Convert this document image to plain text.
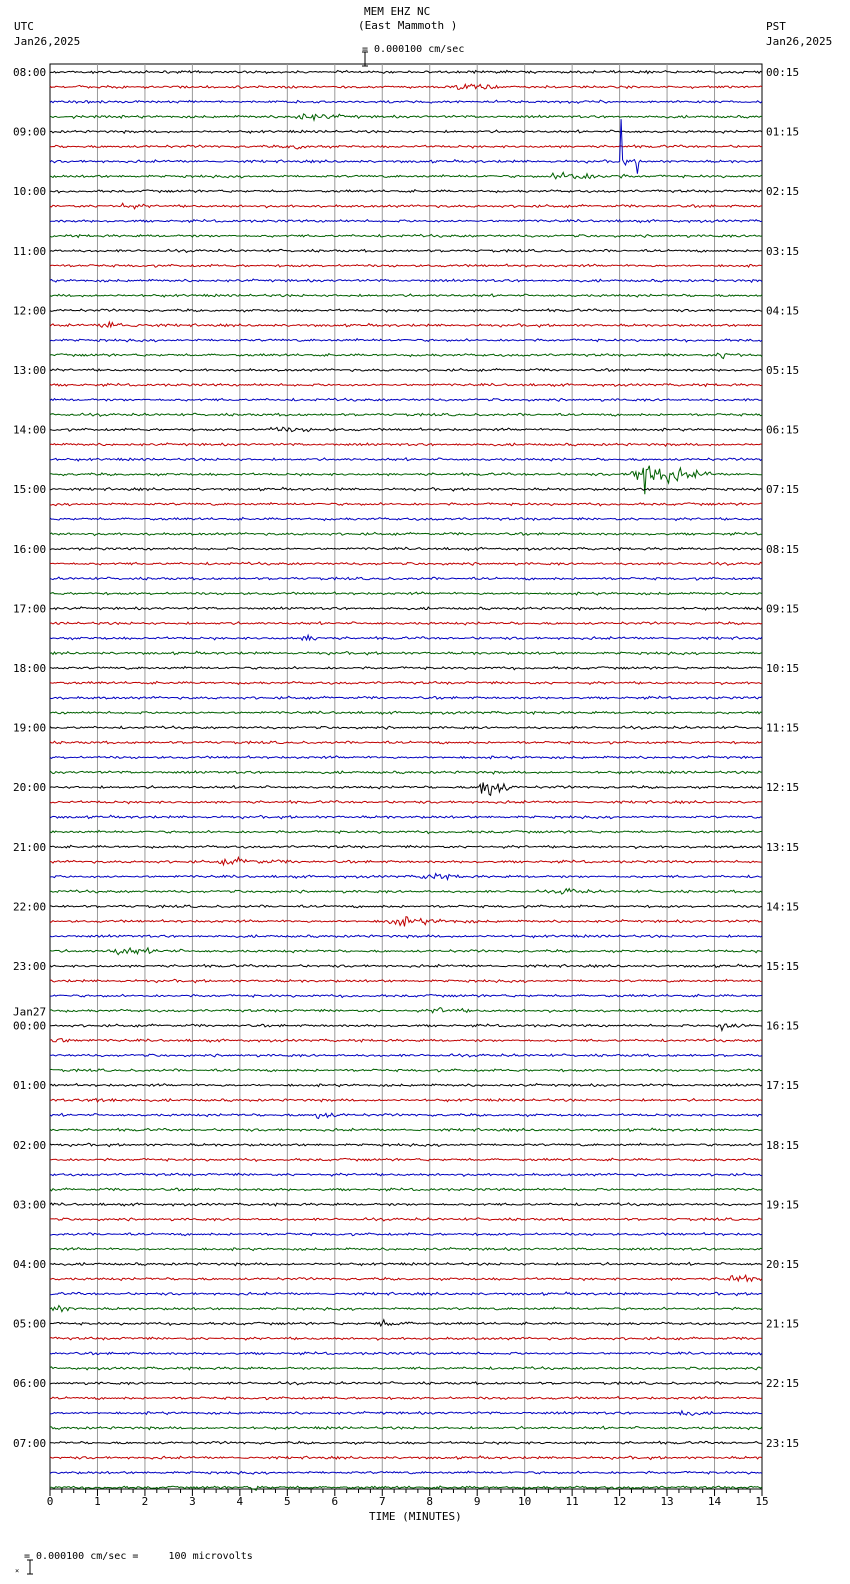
MEM EHZ NC
(East Mammoth )
UTC
Jan26,2025
PST
Jan26,2025

= 0.000100 cm/sec
08:00
09:00
10:00
11:00
12:00
13:00
14:00
15:00
16:00
17:00
18:00
19:00
20:00
21:00
22:00
23:00
00:00
Jan27
01:00
02:00
03:00
04:00
05:00
06:00
07:00
00:15
01:15
02:15
03:15
04:15
05:15
06:15
07:15
08:15
09:15
10:15
11:15
12:15
13:15
14:15
15:15
16:15
17:15
18:15
19:15
20:15
21:15
22:15
23:15
0	1	2	3	4	5	6	7	8	9	10	11	12	13	14	15
TIME (MINUTES)

×

= 0.000100 cm/sec =     100 microvolts
